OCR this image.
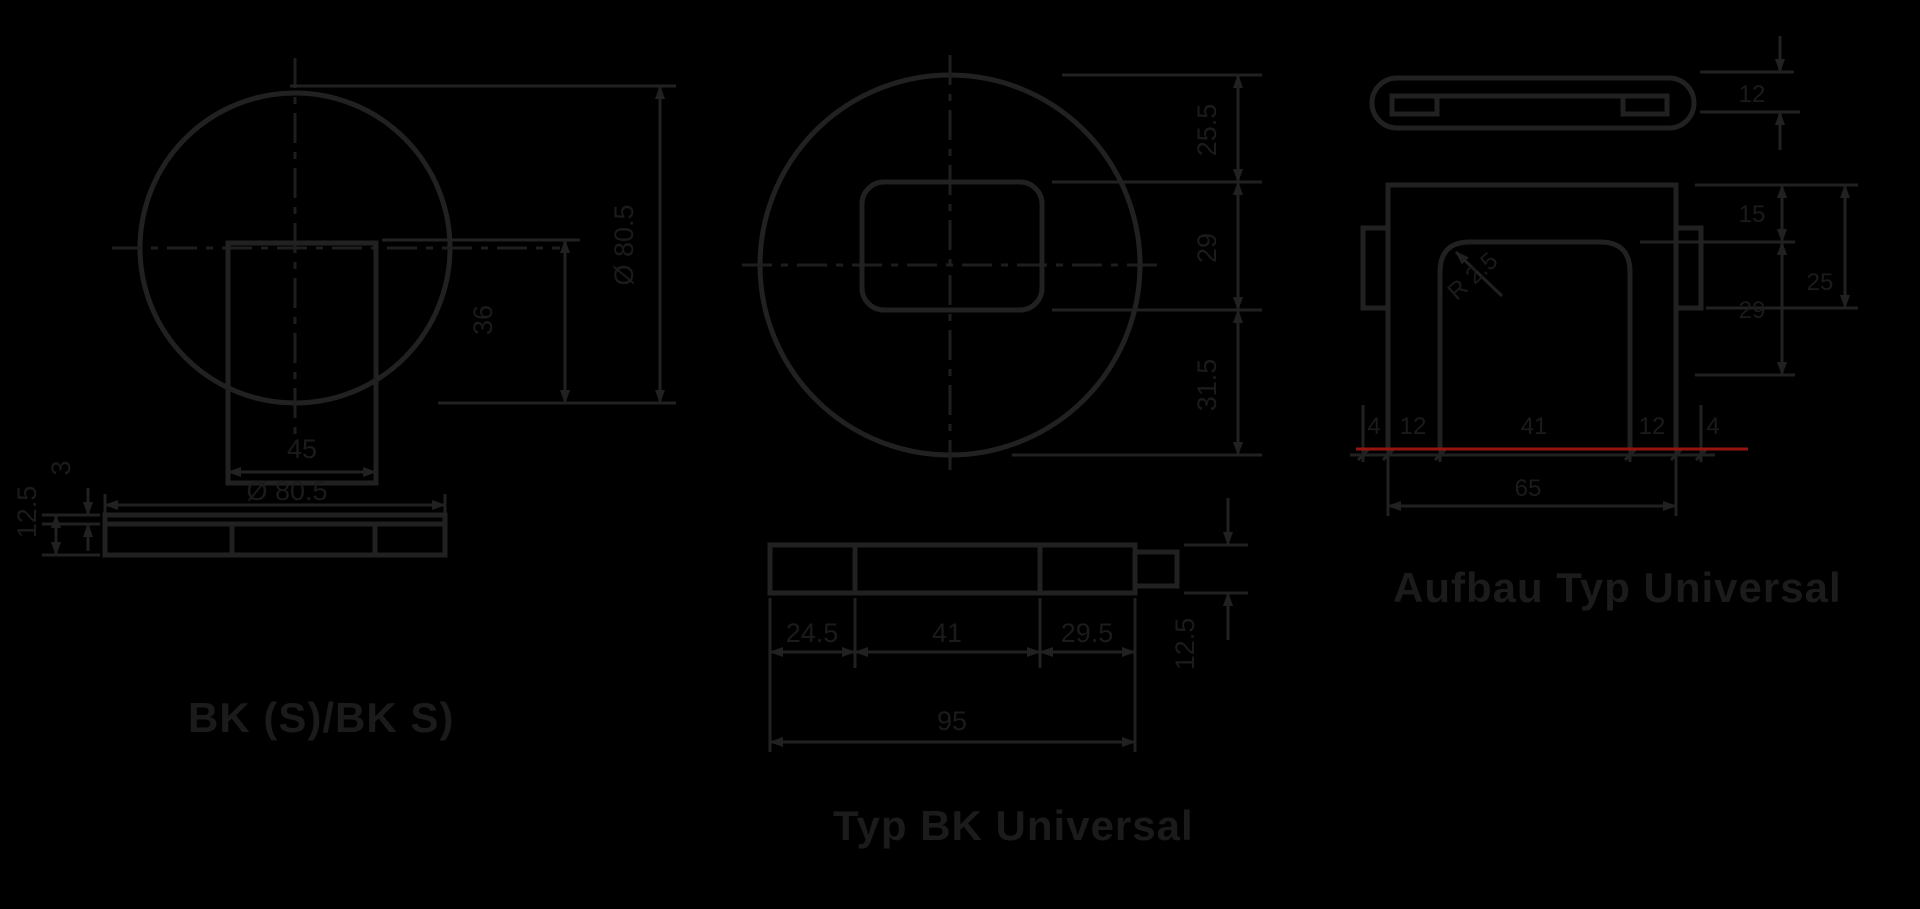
Ø 80.5
36
45
Ø 80.5
3
12.5
BK (S)/BK S)
25.5
29
31.5
24.5	41	29.5
95
12.5
Typ BK Universal
12
R 2.5
15
29
25
4 12	41	12 4
65
Aufbau Typ Universal
